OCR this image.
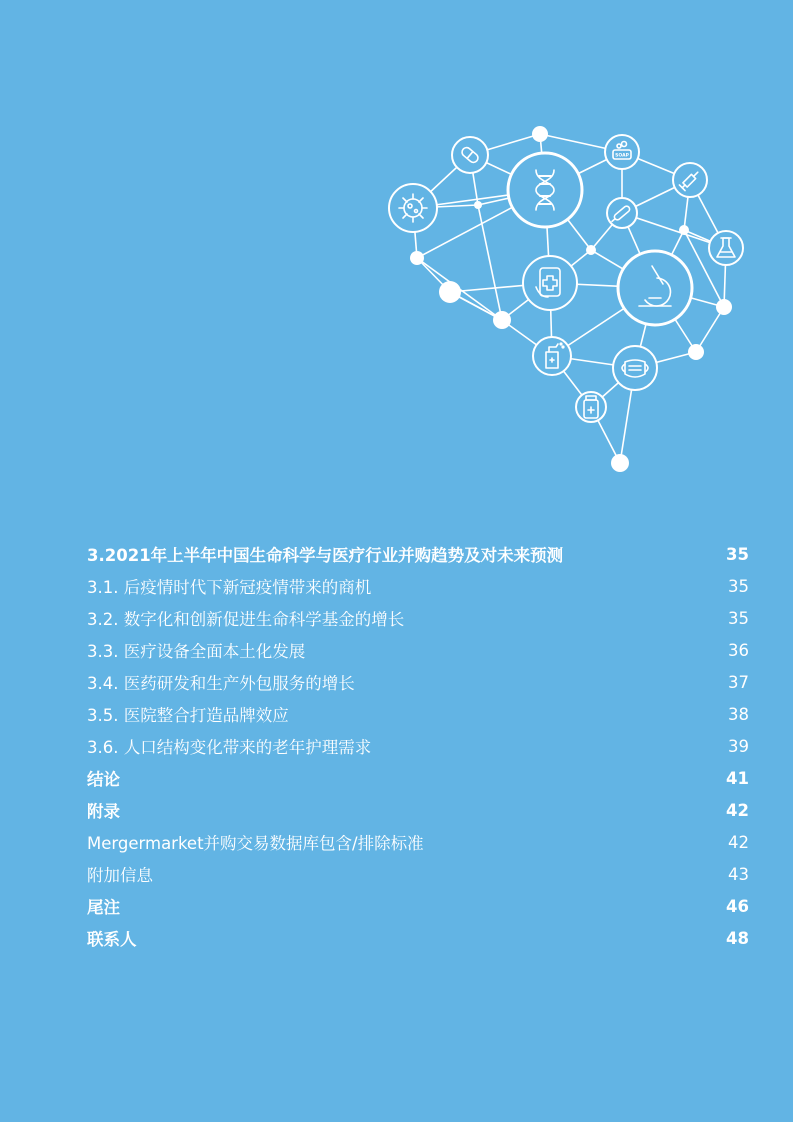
SOAP
3.2021年上半年中国生命科学与医疗行业并购趋势及对未来预测	35
3.1. 后疫情时代下新冠疫情带来的商机	35
3.2. 数字化和创新促进生命科学基金的增长	35
3.3. 医疗设备全面本土化发展	36
3.4. 医药研发和生产外包服务的增长	37
3.5. 医院整合打造品牌效应	38
3.6. 人口结构变化带来的老年护理需求	39
结论	41
附录	42
Mergermarket并购交易数据库包含/排除标准	42
附加信息	43
尾注	46
联系人	48
